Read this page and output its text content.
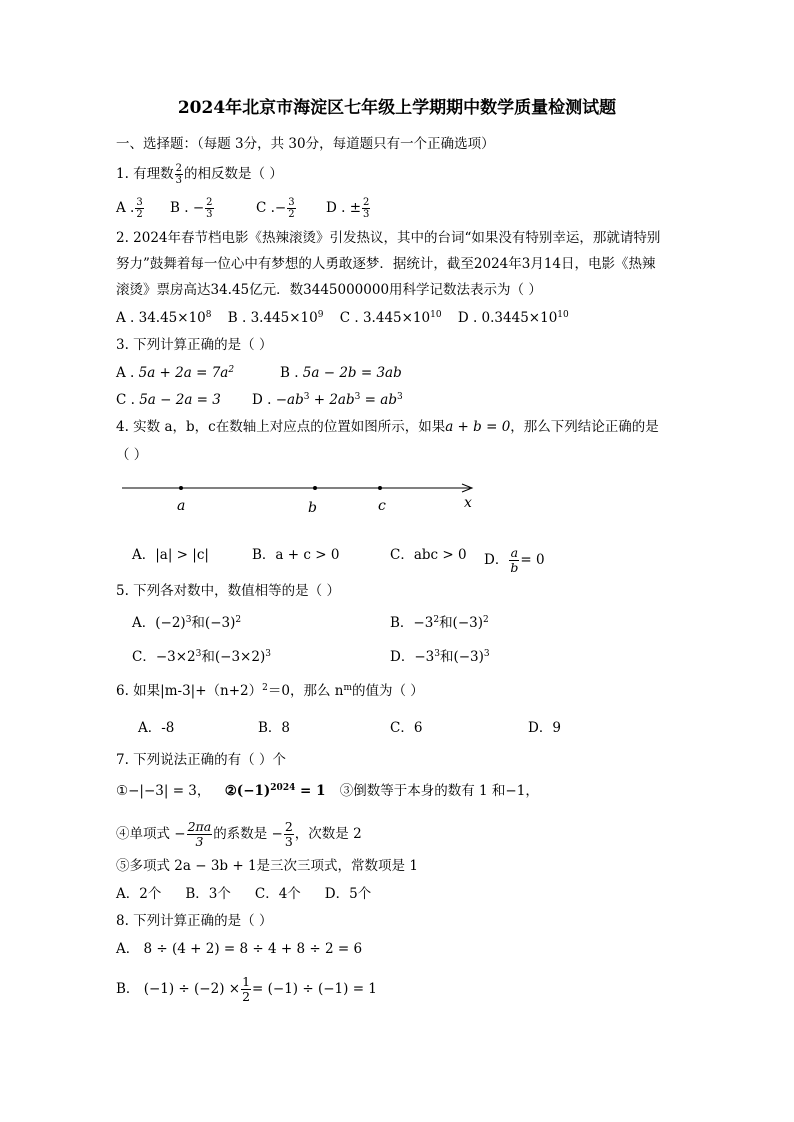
2024年北京市海淀区七年级上学期期中数学质量检测试题
一、选择题：（每题 3分，共 30分，每道题只有一个正确选项）
1. 有理数 $\frac{2}{3}$ 的相反数是（ ）
A . $\frac{3}{2}$ B . − $\frac{2}{3}$	C .− $\frac{3}{2}$ D . ± $\frac{2}{3}$
2. 2024年春节档电影《热辣滚烫》引发热议，其中的台词“如果没有特别幸运，那就请特别
努力”鼓舞着每一位心中有梦想的人勇敢逐梦．据统计，截至2024年3月14日，电影《热辣
滚烫》票房高达34.45亿元．数3445000000用科学记数法表示为（ ）
A . $34.45\times 10^8$ B . $3.445\times 10^9$ C . $3.445\times 10^{10}$ D . $0.3445\times 10^{10}$
3. 下列计算正确的是（ ）
A . $5a + 2a = 7a^2$	B . 5a − 2b = 3ab
C . 5a − 2a = 3 D . $-ab^3 + 2ab^3 = ab^3$
4. 实数 a，b，c在数轴上对应点的位置如图所示，如果a + b = 0，那么下列结论正确的是
（ ）
a	b	c	x
A．|a| > |c|	B．a + c > 0	C．abc > 0 D． $\frac{a}{b} = 0$
5. 下列各对数中，数值相等的是（ ）
A．$(-2)^3$和$(-3)^2$	B．$-3^2$和$(-3)^2$
C．$-3\times 2^3$和$(-3\times 2)^3$	D．$-3^3$和$(-3)^3$
6. 如果$|m-3|+(n+2)^2=0$，那么 $n^m$的值为（ ）
A．-8	B．8	C．6	D．9
7. 下列说法正确的有（ ）个
①−|−3| = 3， $②(-1)^{2024} = 1$ ③倒数等于本身的数有 1 和−1，
④单项式 − $\frac{2\pi a}{3}$ 的系数是 − $\frac{2}{3}$ ，次数是 2
⑤多项式 2a − 3b + 1是三次三项式，常数项是 1
A．2个 B．3个 C．4个 D．5个
8. 下列计算正确的是（ ）
A． 8 ÷ (4 + 2) = 8 ÷ 4 + 8 ÷ 2 = 6
B． $(-1) \div (-2) \times \frac{1}{2} = (-1) \div (-1) = 1$
